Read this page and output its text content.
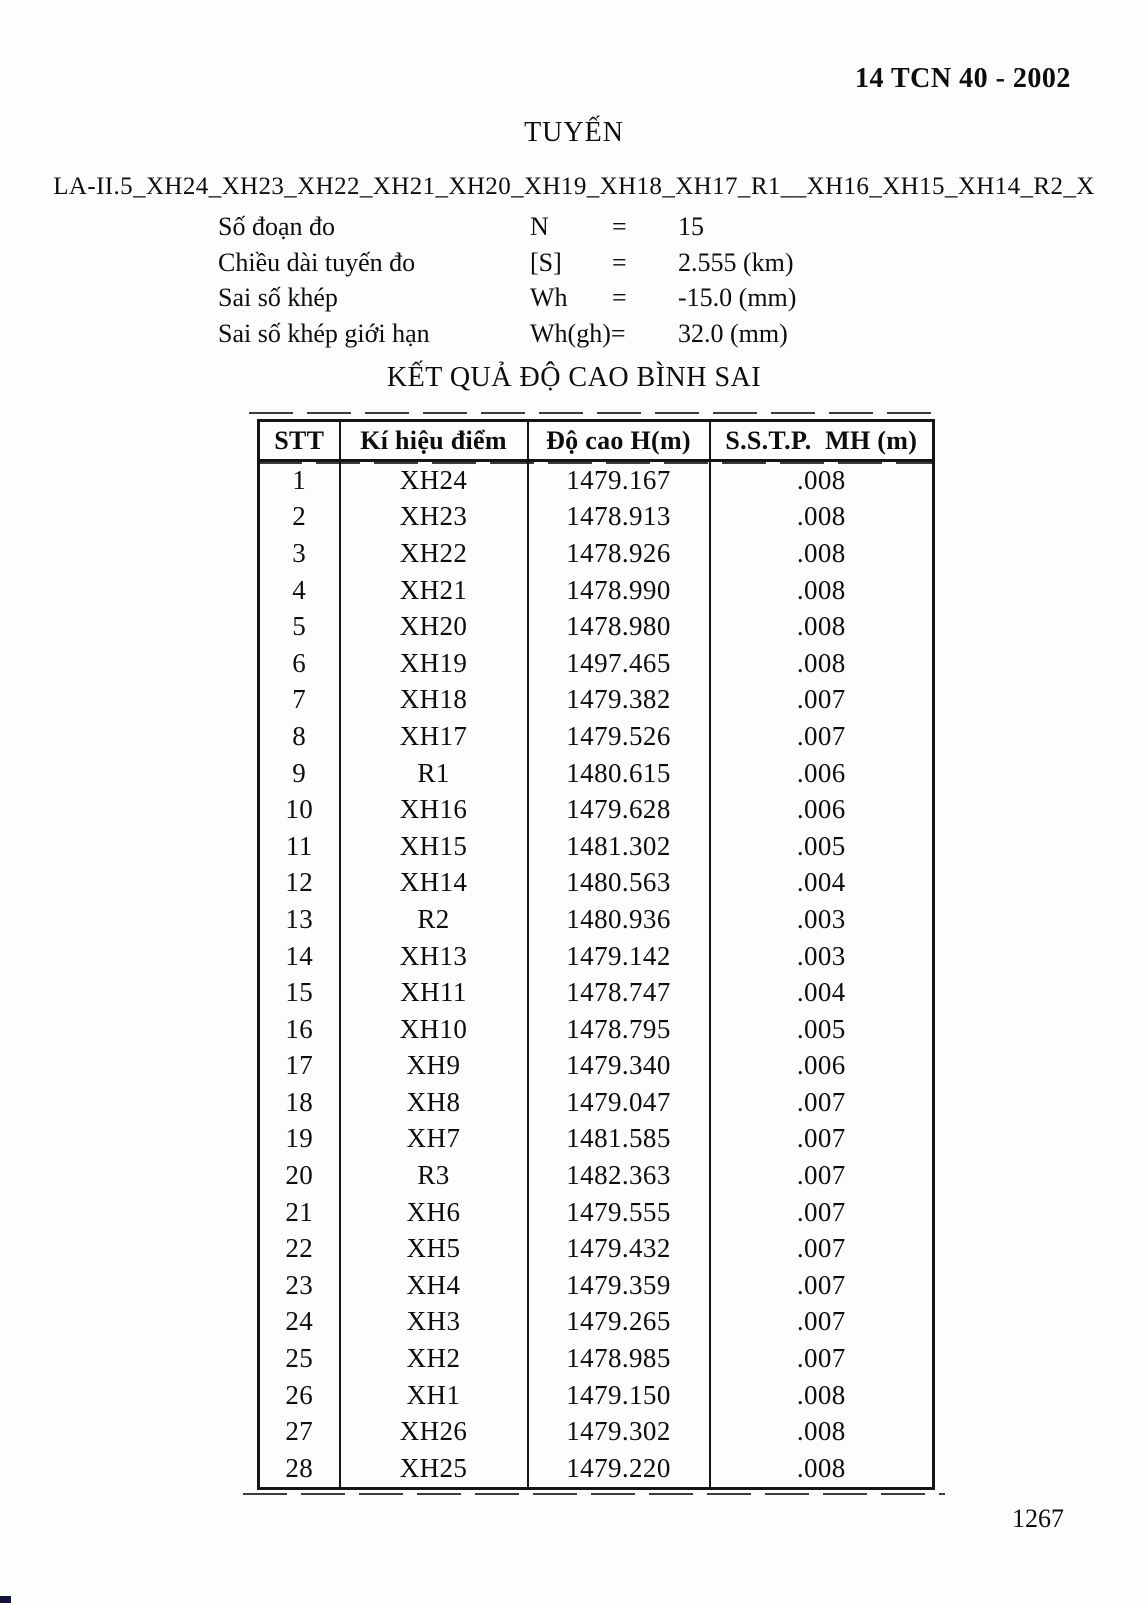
14 TCN 40 - 2002
TUYẾN
LA-II.5_XH24_XH23_XH22_XH21_XH20_XH19_XH18_XH17_R1__XH16_XH15_XH14_R2_X
Số đoạn đo	N = 15
Chiều dài tuyến đo	[S] = 2.555 (km)
Sai số khép	Wh = -15.0 (mm)
Sai số khép giới hạn	Wh(gh)= 32.0 (mm)
KẾT QUẢ ĐỘ CAO BÌNH SAI
STT	Kí hiệu điểm	Độ cao H(m)	S.S.T.P.  MH (m)
1	XH24	1479.167	.008
2	XH23	1478.913	.008
3	XH22	1478.926	.008
4	XH21	1478.990	.008
5	XH20	1478.980	.008
6	XH19	1497.465	.008
7	XH18	1479.382	.007
8	XH17	1479.526	.007
9	R1	1480.615	.006
10	XH16	1479.628	.006
11	XH15	1481.302	.005
12	XH14	1480.563	.004
13	R2	1480.936	.003
14	XH13	1479.142	.003
15	XH11	1478.747	.004
16	XH10	1478.795	.005
17	XH9	1479.340	.006
18	XH8	1479.047	.007
19	XH7	1481.585	.007
20	R3	1482.363	.007
21	XH6	1479.555	.007
22	XH5	1479.432	.007
23	XH4	1479.359	.007
24	XH3	1479.265	.007
25	XH2	1478.985	.007
26	XH1	1479.150	.008
27	XH26	1479.302	.008
28	XH25	1479.220	.008
1267
